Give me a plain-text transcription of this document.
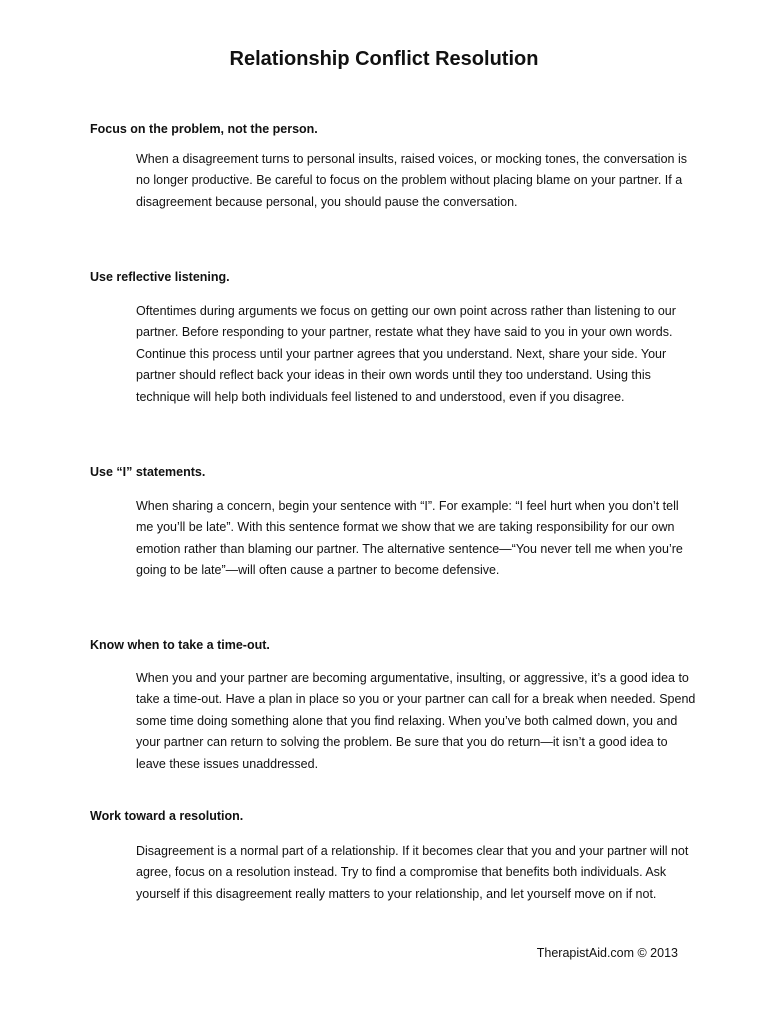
Relationship Conflict Resolution
Focus on the problem, not the person.

When a disagreement turns to personal insults, raised voices, or mocking tones, the conversation is no longer productive. Be careful to focus on the problem without placing blame on your partner. If a disagreement because personal, you should pause the conversation.

Use reflective listening.

Oftentimes during arguments we focus on getting our own point across rather than listening to our partner. Before responding to your partner, restate what they have said to you in your own words. Continue this process until your partner agrees that you understand. Next, share your side. Your partner should reflect back your ideas in their own words until they too understand. Using this technique will help both individuals feel listened to and understood, even if you disagree.

Use “I” statements.

When sharing a concern, begin your sentence with “I”. For example: “I feel hurt when you don’t tell me you’ll be late”. With this sentence format we show that we are taking responsibility for our own emotion rather than blaming our partner. The alternative sentence—“You never tell me when you’re going to be late”—will often cause a partner to become defensive.

Know when to take a time-out.

When you and your partner are becoming argumentative, insulting, or aggressive, it’s a good idea to take a time-out. Have a plan in place so you or your partner can call for a break when needed. Spend some time doing something alone that you find relaxing. When you’ve both calmed down, you and your partner can return to solving the problem. Be sure that you do return—it isn’t a good idea to leave these issues unaddressed.

Work toward a resolution.

Disagreement is a normal part of a relationship. If it becomes clear that you and your partner will not agree, focus on a resolution instead. Try to find a compromise that benefits both individuals. Ask yourself if this disagreement really matters to your relationship, and let yourself move on if not.

TherapistAid.com © 2013
